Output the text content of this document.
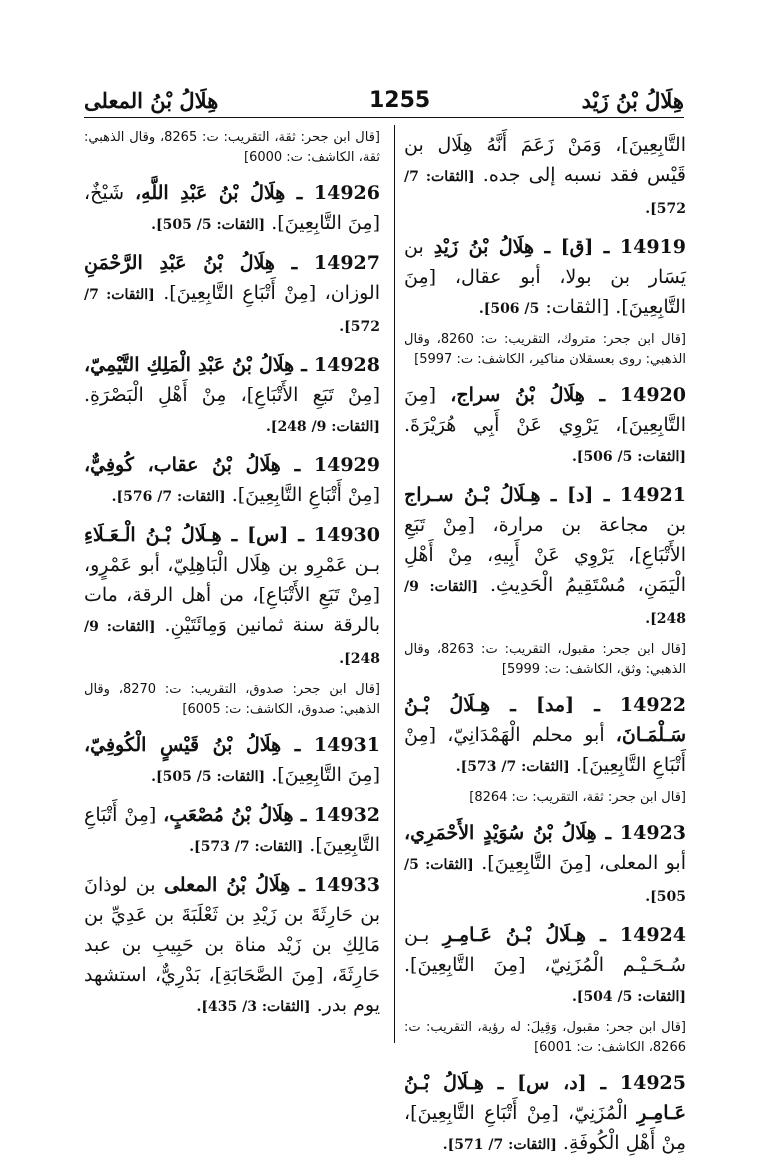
هِلَالُ بْنُ زَيْد
1255
هِلَالُ بْنُ المعلى
التَّابِعِينَ]، وَمَنْ زَعَمَ أَنَّهُ هِلَال بن قَيْس فقد نسبه إلى جده. [الثقات: 7/ 572].
14919 ـ [ق] ـ هِلَالُ بْنُ زَيْدِ بن يَسَار بن بولا، أبو عقال، [مِنَ التَّابِعِينَ]. [الثقات: 5/ 506].
[قال ابن جحر: متروك، التقريب: ت: 8260، وقال الذهبي: روى بعسقلان مناكير، الكاشف: ت: 5997]
14920 ـ هِلَالُ بْنُ سراج، [مِنَ التَّابِعِينَ]، يَرْوِي عَنْ أَبِي هُرَيْرَةَ. [الثقات: 5/ 506].
14921 ـ [د] ـ هِـلَالُ بْـنُ سـراج بن مجاعة بن مرارة، [مِنْ تَبَعِ الأَتْبَاعِ]، يَرْوِي عَنْ أَبِيهِ، مِنْ أَهْلِ الْيَمَنِ، مُسْتَقِيمُ الْحَدِيثِ. [الثقات: 9/ 248].
[قال ابن جحر: مقبول، التقريب: ت: 8263، وقال الذهبي: وثق، الكاشف: ت: 5999]
14922 ـ [مد] ـ هِـلَالُ بْـنُ سَـلْمَـانَ، أبو محلم الْهَمْدَانِيّ، [مِنْ أَتْبَاعِ التَّابِعِينَ]. [الثقات: 7/ 573].
[قال ابن جحر: ثقة، التقريب: ت: 8264]
14923 ـ هِلَالُ بْنُ سُوَيْدٍ الأَحْمَرِي، أبو المعلى، [مِنَ التَّابِعِينَ]. [الثقات: 5/ 505].
14924 ـ هِـلَالُ بْـنُ عَـامِـرِ بـن سُـحَـيْـم الْمُزَنِيّ، [مِنَ التَّابِعِينَ]. [الثقات: 5/ 504].
[قال ابن جحر: مقبول، وَقِيلَ: له رؤية، التقريب: ت: 8266، الكاشف: ت: 6001]
14925 ـ [د، س] ـ هِـلَالُ بْـنُ عَـامِـرِ الْمُزَنِيّ، [مِنْ أَتْبَاعِ التَّابِعِينَ]، مِنْ أَهْلِ الْكُوفَةِ. [الثقات: 7/ 571].
[قال ابن جحر: ثقة، التقريب: ت: 8265، وقال الذهبي: ثقة، الكاشف: ت: 6000]
14926 ـ هِلَالُ بْنُ عَبْدِ اللَّهِ، شَيْخٌ، [مِنَ التَّابِعِينَ]. [الثقات: 5/ 505].
14927 ـ هِلَالُ بْنُ عَبْدِ الرَّحْمَنِ الوزان، [مِنْ أَتْبَاعِ التَّابِعِينَ]. [الثقات: 7/ 572].
14928 ـ هِلَالُ بْنُ عَبْدِ الْمَلِكِ التَّيْمِيّ، [مِنْ تَبَعِ الأَتْبَاعِ]، مِنْ أَهْلِ الْبَصْرَةِ. [الثقات: 9/ 248].
14929 ـ هِلَالُ بْنُ عقاب، كُوفِيٌّ، [مِنْ أَتْبَاعِ التَّابِعِينَ]. [الثقات: 7/ 576].
14930 ـ [س] ـ هِـلَالُ بْـنُ الْـعَـلَاءِ بـن عَمْرِو بن هِلَال الْبَاهِلِيّ، أبو عَمْرٍو، [مِنْ تَبَعِ الأَتْبَاعِ]، من أهل الرقة، مات بالرقة سنة ثمانين وَمِائَتَيْنِ. [الثقات: 9/ 248].
[قال ابن جحر: صدوق، التقريب: ت: 8270، وقال الذهبي: صدوق، الكاشف: ت: 6005]
14931 ـ هِلَالُ بْنُ قَيْسٍ الْكُوفِيّ، [مِنَ التَّابِعِينَ]. [الثقات: 5/ 505].
14932 ـ هِلَالُ بْنُ مُصْعَبٍ، [مِنْ أَتْبَاعِ التَّابِعِينَ]. [الثقات: 7/ 573].
14933 ـ هِلَالُ بْنُ المعلى بن لوذانَ بن حَارِثَةَ بن زَيْدِ بن ثَعْلَبَةَ بن عَدِيِّ بن مَالِكِ بن زَيْد مناة بن حَبِيبِ بن عبد حَارِثَةَ، [مِنَ الصَّحَابَةِ]، بَدْرِيٌّ، استشهد يوم بدر. [الثقات: 3/ 435].
